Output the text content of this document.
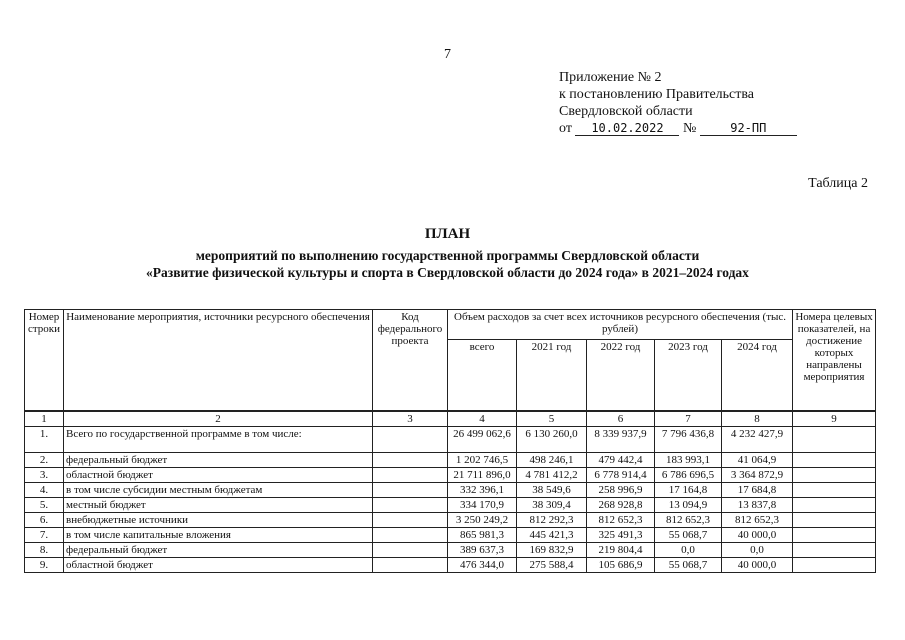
7
Приложение № 2
к постановлению Правительства
Свердловской области
от 10.02.2022 №	92-ПП
Таблица 2
ПЛАН
мероприятий по выполнению государственной программы Свердловской области
«Развитие физической культуры и спорта в Свердловской области до 2024 года» в 2021–2024 годах
Номер строки	Наименование мероприятия, источники ресурсного обеспечения	Код федерального проекта	Объем расходов за счет всех источников ресурсного обеспечения (тыс. рублей)					Номера целевых показателей, на достижение которых направлены мероприятия
			всего	2021 год	2022 год	2023 год	2024 год	
1	2	3	4	5	6	7	8	9
1.	Всего по государственной программе в том числе:		26 499 062,6	6 130 260,0	8 339 937,9	7 796 436,8	4 232 427,9	
2.	федеральный бюджет		1 202 746,5	498 246,1	479 442,4	183 993,1	41 064,9	
3.	областной бюджет		21 711 896,0	4 781 412,2	6 778 914,4	6 786 696,5	3 364 872,9	
4.	в том числе субсидии местным бюджетам		332 396,1	38 549,6	258 996,9	17 164,8	17 684,8	
5.	местный бюджет		334 170,9	38 309,4	268 928,8	13 094,9	13 837,8	
6.	внебюджетные источники		3 250 249,2	812 292,3	812 652,3	812 652,3	812 652,3	
7.	в том числе капитальные вложения		865 981,3	445 421,3	325 491,3	55 068,7	40 000,0	
8.	федеральный бюджет		389 637,3	169 832,9	219 804,4	0,0	0,0	
9.	областной бюджет		476 344,0	275 588,4	105 686,9	55 068,7	40 000,0	
